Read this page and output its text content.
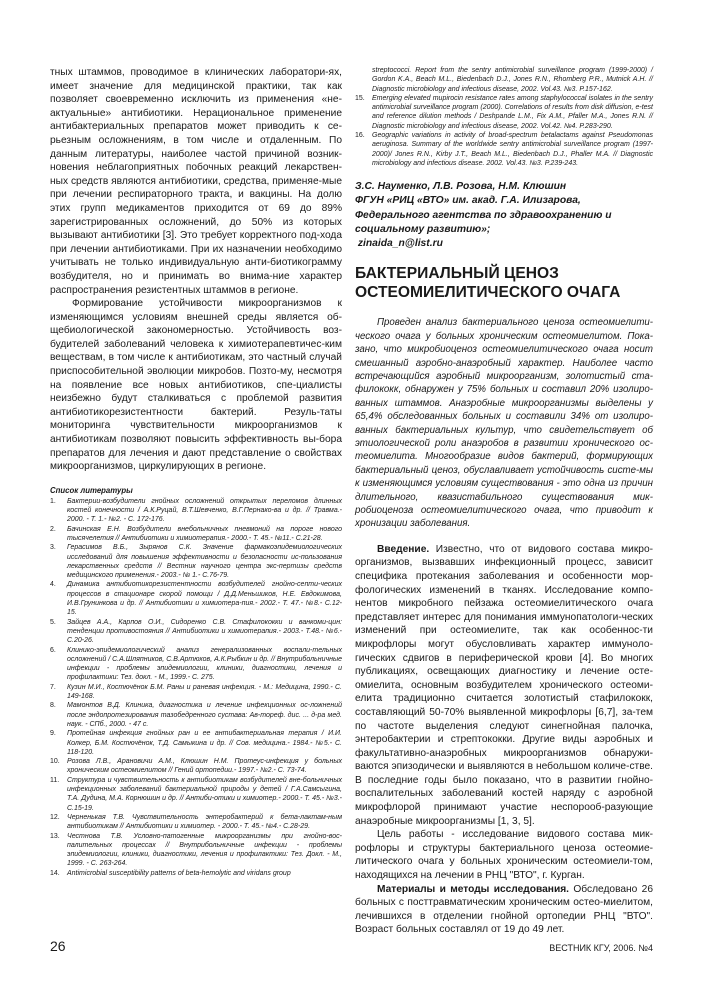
тных штаммов, проводимое в клинических лаборатори-ях, имеет значение для медицинской практики, так как позволяет своевременно исключить из применения «не-актуальные» антибиотики. Нерациональное применение антибактериальных препаратов может приводить к се-рьезным осложнениям, в том числе и отдаленным. По данным литературы, наиболее частой причиной возник-новения неблагоприятных побочных реакций лекарствен-ных средств являются антибиотики, средства, применяе-мые при лечении респираторного тракта, и вакцины. На долю этих групп медикаментов приходится от 69 до 89% зарегистрированных осложнений, до 50% из которых вызывают антибиотики [3]. Это требует корректного под-хода при лечении антибиотиками. При их назначении необходимо учитывать не только индивидуальную анти-биотикограмму возбудителя, но и принимать во внима-ние характер распространения резистентных штаммов в регионе.

Формирование устойчивости микроорганизмов к изменяющимся условиям внешней среды является об-щебиологической закономерностью. Устойчивость воз-будителей заболеваний человека к химиотерапевтичес-ким веществам, в том числе к антибиотикам, это частный случай приспособительной эволюции микробов. Позто-му, несмотря на появление все новых антибиотиков, спе-циалисты неизбежно будут сталкиваться с проблемой развития антибиотикорезистентности бактерий. Резуль-таты мониторинга чувствительности микроорганизмов к антибиотикам позволяют повысить эффективность вы-бора препаратов для лечения и дают представление о свойствах микроорганизмов, циркулирующих в регионе.

Список литературы
1. Бактерии-возбудители гнойных осложнений открытых переломов длинных костей конечности / А.К.Руцай, В.Т.Шевченко, В.Г.Пернако-ва и др. // Травма.- 2000. - Т. 1.- №2. - С. 172-176.
2. Бачинская Е.Н. Возбудители внебольничных пневмоний на пороге нового тысячелетия // Антибиотики и химиотерапия.- 2000.- Т. 45.- №11.- С.21-28.
3. Герасимов В.Б., Зырянов С.К. Значение фармакоэпидемиологических исследований для повышения эффективности и безопасности ис-пользования лекарственных средств // Вестник научного центра экс-пертизы средств медицинского применения.- 2003.- № 1.- С.76-79.
4. Динамика антибиотикорезистентности возбудителей гнойно-септи-ческих процессов в стационаре скорой помощи / Д.Д.Меньшиков, Н.Е. Евдокимова, И.В.Грунинкова и др. // Антибиотики и химиотера-пия.- 2002.- Т. 47.- №8.- С.12-15.
5. Зайцев А.А., Карпов О.И., Сидоренко С.В. Стафилококки и ванкоми-цин: тенденции противостояния // Антибиотики и химиотерапия.- 2003.- Т.48.- №6.- С.20-26.
6. Клинико-эпидемиологический анализ генерализованных воспали-тельных осложнений / С.А.Шляпников, С.В.Артюхов, А.К.Рыбкин и др. // Внутрибольничные инфекции - проблемы эпидемиологии, клиники, диагностики, лечения и профилактики: Тез. докл. - М., 1999.- С. 275.
7. Кузин М.И., Костючёнок Б.М. Раны и раневая инфекция. - М.: Медицина, 1990.- С. 149-168.
8. Мамонтов В.Д. Клиника, диагностика и лечение инфекционных ос-ложнений после эндопротезирования тазобедренного сустава: Ав-тореф. дис. ... д-ра мед. наук. - СПб., 2000. - 47 с.
9. Протейная инфекция гнойных ран и ее антибактериальная терапия / И.И. Колкер, Б.М. Костючёнок, Т.Д. Самыкина и др. // Сов. медицина.- 1984.- №5.- С. 118-120.
10. Розова Л.В., Арановичи А.М., Клюшин Н.М. Протеус-инфекция у больных хроническим остеомиелитом // Гений ортопедии.- 1997.- №2.- С. 73-74.
11. Структура и чувствительность к антибиотикам возбудителей вне-больничных инфекционных заболеваний бактериальной природы у детей / Г.А.Самсыгина, Т.А. Дудина, М.А. Корнюшин и др. // Антиби-отики и химиотер.- 2000.- Т. 45.- №3.- С.15-19.
12. Черненькая Т.В. Чувствительность энтеробактерий к бета-лактам-ным антибиотикам // Антибиотики и химиотер. - 2000.- Т. 45.- №4.- С.28-29.
13. Честнова Т.В. Условно-патогенные микроорганизмы при гнойно-вос-палительных процессах // Внутрибольничные инфекции - проблемы эпидемиологии, клиники, диагностики, лечения и профилактики: Тез. Докл. - М., 1999. - С. 263-264.
14. Antimicrobial susceptibility patterns of beta-hemolytic and viridans group
streptococci. Report from the sentry antimicrobial surveillance program (1999-2000) / Gordon K.A., Beach M.L., Biedenbach D.J., Jones R.N., Rhomberg P.R., Mutnick A.H. // Diagnostic microbiology and infectious disease, 2002. Vol.43. №3. P.157-162.
15. Emerging elevated mupirocin resistance rates among staphylococcal isolates in the sentry antimicrobial surveillance program (2000). Correlations of results from disk diffusion, e-test and reference dilution methods / Deshpande L.M., Fix A.M., Pfaller M.A., Jones R.N. // Diagnostic microbiology and infectious disease, 2002. Vol.42. №4. P.283-290.
16. Geographic variations in activity of broad-spectrum betalactams against Pseudomonas aeruginosa. Summary of the worldwide sentry antimicrobial surveillance program (1997-2000)/ Jones R.N., Kirby J.T., Beach M.L., Biedenbach D.J., Phaller M.A. // Diagnostic microbiology and infectious disease. 2002. Vol.43. №3. P.239-243.
З.С. Науменко, Л.В. Розова, Н.М. Клюшин
ФГУН «РИЦ «ВТО» им. акад. Г.А. Илизарова, Федерального агентства по здравоохранению и социальному развитию»;
zinaida_n@list.ru
БАКТЕРИАЛЬНЫЙ ЦЕНОЗ ОСТЕОМИЕЛИТИЧЕСКОГО ОЧАГА

Проведен анализ бактериального ценоза остеомиелити-ческого очага у больных хроническим остеомиелитом. Пока-зано, что микробиоценоз остеомиелитического очага носит смешанный аэробно-анаэробный характер. Наиболее часто встречающийся аэробный микроорганизм, золотистый ста-филококк, обнаружен у 75% больных и составил 20% изолиро-ванных штаммов. Анаэробные микроорганизмы выделены у 65,4% обследованных больных и составили 34% от изолиро-ванных бактериальных культур, что свидетельствует об этиологической роли анаэробов в развитии хронического ос-теомиелита. Многообразие видов бактерий, формирующих бактериальный ценоз, обуславливает устойчивость систе-мы к изменяющимся условиям существования - это одна из причин длительного, квазистабильного существования мик-робиоценоза остеомиелитического очага, что приводит к хронизации заболевания.

Введение. Известно, что от видового состава микро-организмов, вызвавших инфекционный процесс, зависит специфика протекания заболевания и особенности мор-фологических изменений в тканях. Исследование компо-нентов микробного пейзажа остеомиелитического очага представляет интерес для понимания иммунопатологи-ческих изменений при остеомиелите, так как особеннос-ти микрофлоры могут обусловливать характер иммуноло-гических сдвигов в периферической крови [4]. Во многих публикациях, освещающих диагностику и лечение осте-омиелита, основным возбудителем хронического остеоми-елита традиционно считается золотистый стафилококк, составляющий 50-70% выявленной микрофлоры [6,7], за-тем по частоте выделения следуют синегнойная палочка, энтеробактерии и стрептококки. Другие виды аэробных и факультативно-анаэробных микроорганизмов обнаружи-ваются эпизодически и выявляются в небольшом количе-стве. В последние годы было показано, что в развитии гнойно-воспалительных заболеваний костей наряду с аэробной микрофлорой принимают участие неспорооб-разующие анаэробные микроорганизмы [1, 3, 5].

Цель работы - исследование видового состава мик-рофлоры и структуры бактериального ценоза остеомие-литического очага у больных хроническим остеомиели-том, находящихся на лечении в РНЦ "ВТО", г. Курган.

Материалы и методы исследования. Обследовано 26 больных с посттравматическим хроническим остео-миелитом, лечившихся в отделении гнойной ортопедии РНЦ "ВТО". Возраст больных составлял от 19 до 49 лет.

26	ВЕСТНИК КГУ, 2006. №4
